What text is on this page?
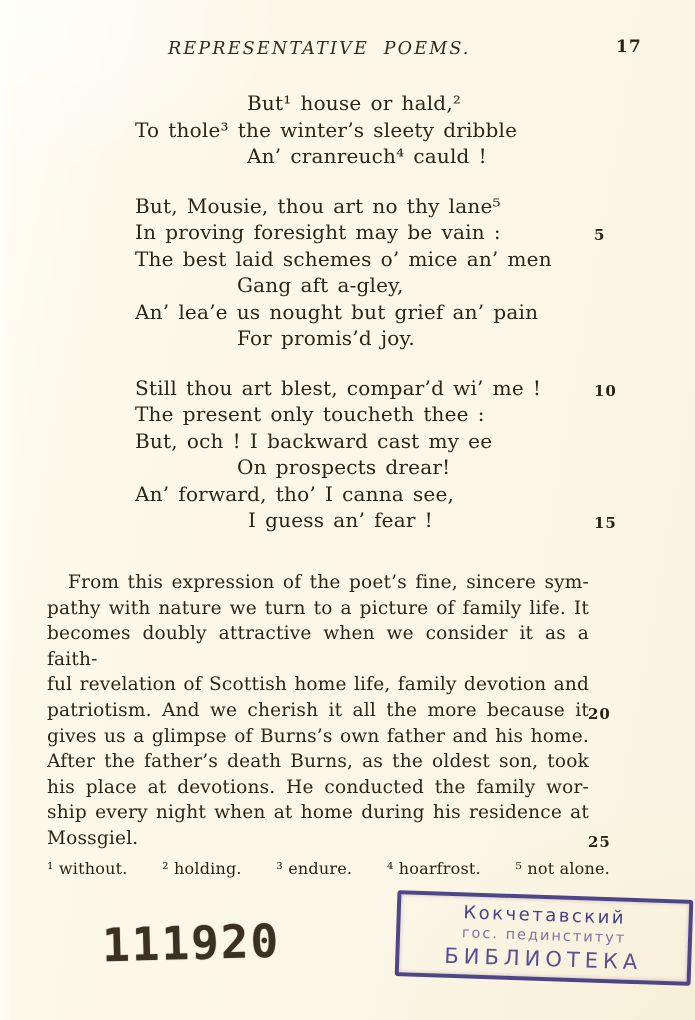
REPRESENTATIVE POEMS.	17
But¹ house or hald,²
To thole³ the winter’s sleety dribble
An’ cranreuch⁴ cauld !
But, Mousie, thou art no thy lane⁵
In proving foresight may be vain :	5
The best laid schemes o’ mice an’ men
Gang aft a-gley,
An’ lea’e us nought but grief an’ pain
For promis’d joy.
Still thou art blest, compar’d wi’ me !	10
The present only toucheth thee :
But, och ! I backward cast my ee
On prospects drear!
An’ forward, tho’ I canna see,
I guess an’ fear !	15
From this expression of the poet’s fine, sincere sym-
pathy with nature we turn to a picture of family life. It
becomes doubly attractive when we consider it as a faith-
ful revelation of Scottish home life, family devotion and
patriotism. And we cherish it all the more because it 20
gives us a glimpse of Burns’s own father and his home.
After the father’s death Burns, as the oldest son, took
his place at devotions. He conducted the family wor-
ship every night when at home during his residence at
Mossgiel.	25
¹ without. ² holding. ³ endure. ⁴ hoarfrost. ⁵ not alone.
111920	Кокчетавский
гос. пединститут
БИБЛИОТЕКА
